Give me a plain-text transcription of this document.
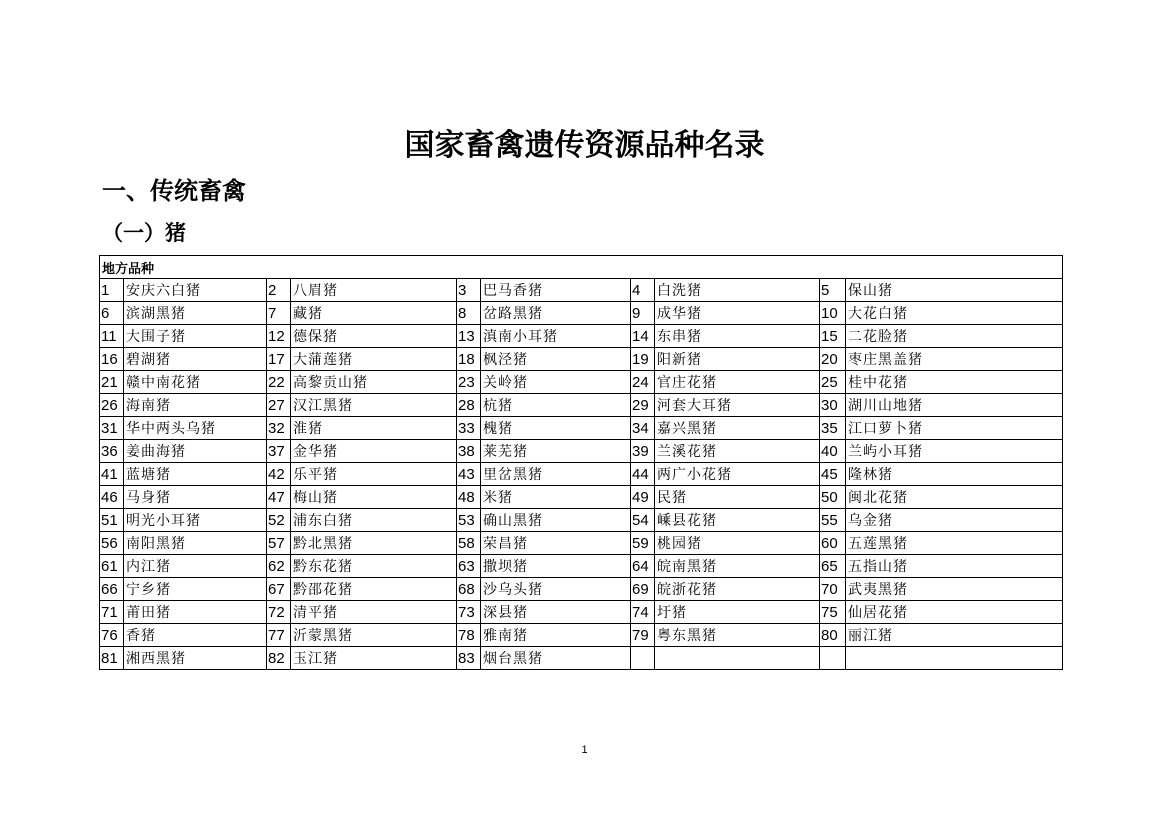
国家畜禽遗传资源品种名录
一、传统畜禽
（一）猪
地方品种									
1	安庆六白猪	2	八眉猪	3	巴马香猪	4	白洗猪	5	保山猪
6	滨湖黑猪	7	藏猪	8	岔路黑猪	9	成华猪	10	大花白猪
11	大围子猪	12	德保猪	13	滇南小耳猪	14	东串猪	15	二花脸猪
16	碧湖猪	17	大蒲莲猪	18	枫泾猪	19	阳新猪	20	枣庄黑盖猪
21	赣中南花猪	22	高黎贡山猪	23	关岭猪	24	官庄花猪	25	桂中花猪
26	海南猪	27	汉江黑猪	28	杭猪	29	河套大耳猪	30	湖川山地猪
31	华中两头乌猪	32	淮猪	33	槐猪	34	嘉兴黑猪	35	江口萝卜猪
36	姜曲海猪	37	金华猪	38	莱芜猪	39	兰溪花猪	40	兰屿小耳猪
41	蓝塘猪	42	乐平猪	43	里岔黑猪	44	两广小花猪	45	隆林猪
46	马身猪	47	梅山猪	48	米猪	49	民猪	50	闽北花猪
51	明光小耳猪	52	浦东白猪	53	确山黑猪	54	嵊县花猪	55	乌金猪
56	南阳黑猪	57	黔北黑猪	58	荣昌猪	59	桃园猪	60	五莲黑猪
61	内江猪	62	黔东花猪	63	撒坝猪	64	皖南黑猪	65	五指山猪
66	宁乡猪	67	黔邵花猪	68	沙乌头猪	69	皖浙花猪	70	武夷黑猪
71	莆田猪	72	清平猪	73	深县猪	74	圩猪	75	仙居花猪
76	香猪	77	沂蒙黑猪	78	雅南猪	79	粤东黑猪	80	丽江猪
81	湘西黑猪	82	玉江猪	83	烟台黑猪				
1
